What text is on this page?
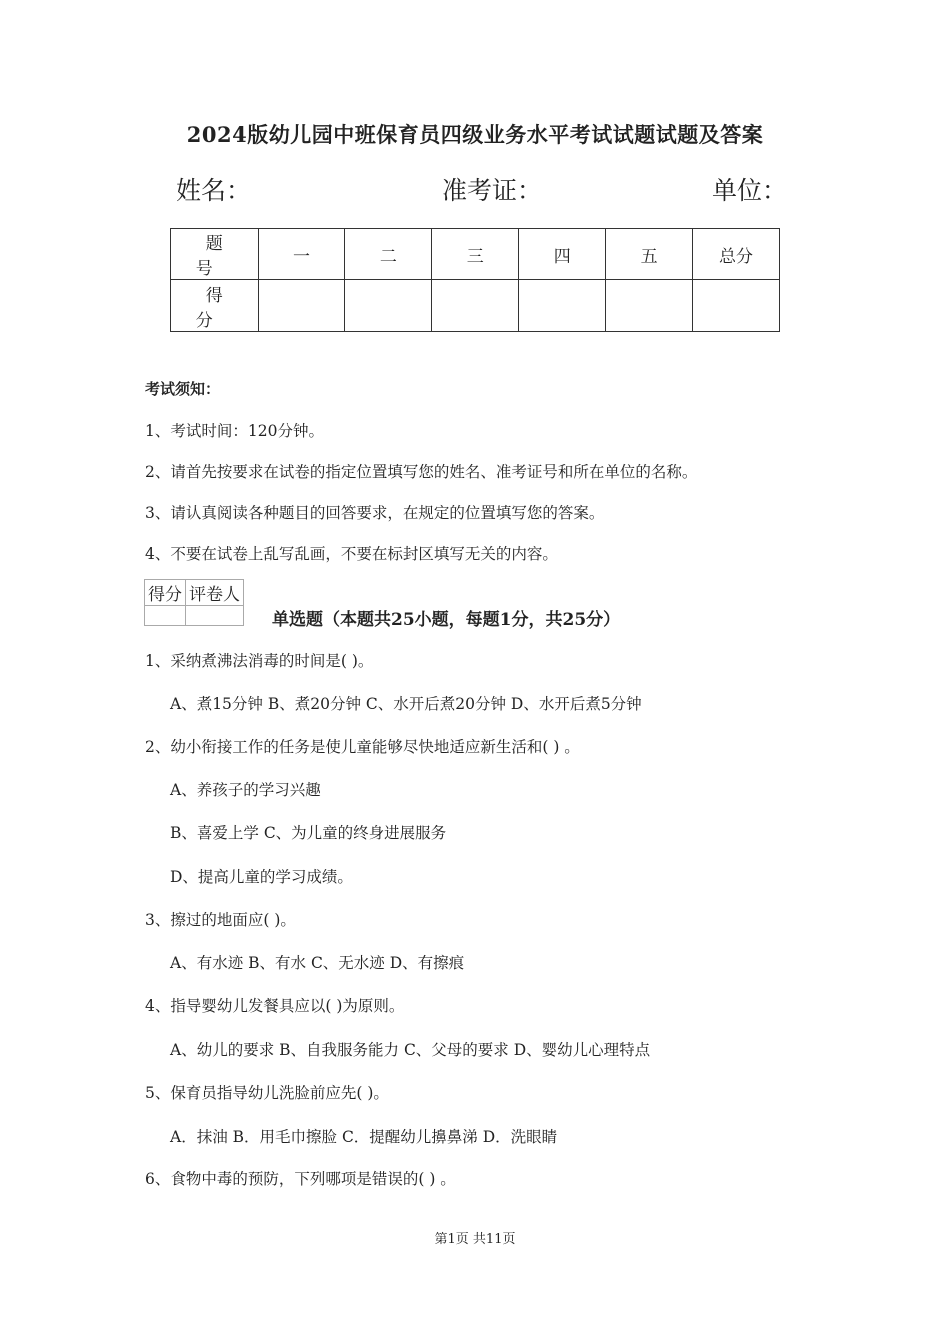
2024版幼儿园中班保育员四级业务水平考试试题试题及答案
姓名：	准考证：	单位：
题 号	一	二	三	四	五	总分
得 分						
考试须知：
1、考试时间：120分钟。
2、请首先按要求在试卷的指定位置填写您的姓名、准考证号和所在单位的名称。
3、请认真阅读各种题目的回答要求，在规定的位置填写您的答案。
4、不要在试卷上乱写乱画，不要在标封区填写无关的内容。
得分	评卷人

单选题（本题共25小题，每题1分，共25分）
1、采纳煮沸法消毒的时间是( )。
A、煮15分钟 B、煮20分钟 C、水开后煮20分钟 D、水开后煮5分钟
2、幼小衔接工作的任务是使儿童能够尽快地适应新生活和( ) 。
A、养孩子的学习兴趣
B、喜爱上学 C、为儿童的终身进展服务
D、提高儿童的学习成绩。
3、擦过的地面应( )。
A、有水迹 B、有水 C、无水迹 D、有擦痕
4、指导婴幼儿发餐具应以( )为原则。
A、幼儿的要求 B、自我服务能力 C、父母的要求 D、婴幼儿心理特点
5、保育员指导幼儿洗脸前应先( )。
A．抹油 B．用毛巾擦脸 C．提醒幼儿擤鼻涕 D．洗眼睛
6、食物中毒的预防，下列哪项是错误的( ) 。
第1页 共11页
